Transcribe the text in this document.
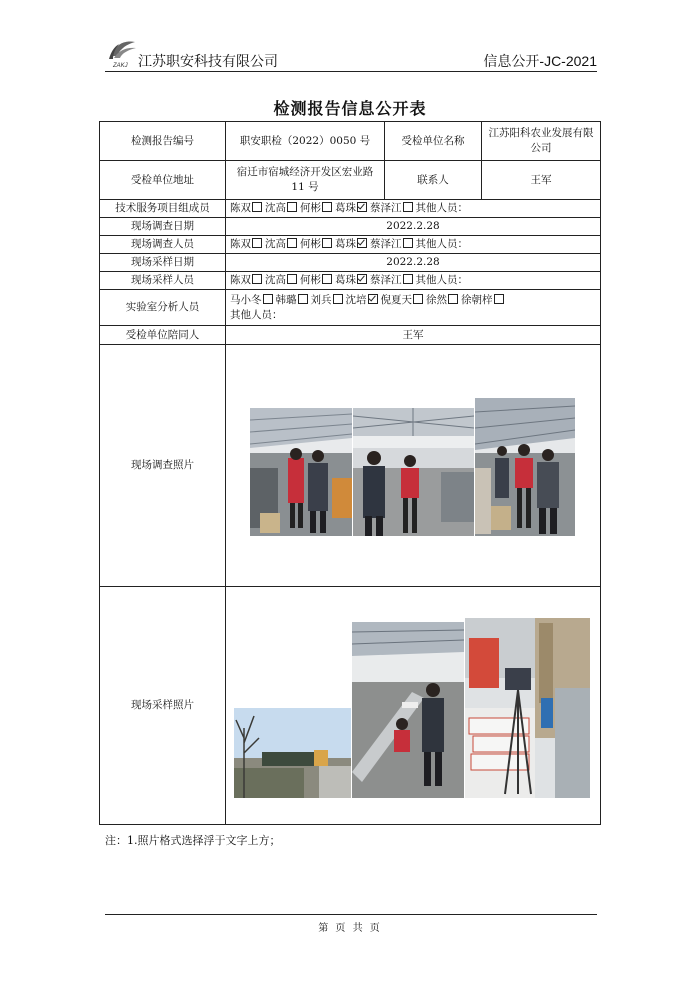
ZAKJ 江苏职安科技有限公司	信息公开-JC-2021
检测报告信息公开表
检测报告编号	职安职检（2022）0050 号	受检单位名称	江苏阳科农业发展有限公司
受检单位地址	宿迁市宿城经济开发区宏业路 11 号	联系人	王军
技术服务项目组成员	陈双 沈高 何彬 葛珠 蔡泽江 其他人员：		
现场调查日期	2022.2.28		
现场调查人员	陈双 沈高 何彬 葛珠 蔡泽江 其他人员：		
现场采样日期	2022.2.28		
现场采样人员	陈双 沈高 何彬 葛珠 蔡泽江 其他人员：		
实验室分析人员	马小冬 韩璐 刘兵 沈培 倪夏天 徐然 徐朝梓
其他人员：		

受检单位陪同人	王军		
现场调查照片			
现场采样照片			
注：1.照片格式选择浮于文字上方；
第 页 共 页
